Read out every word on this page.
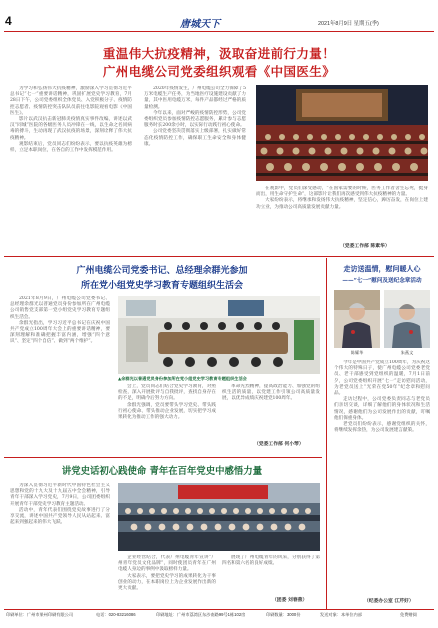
4	唐城天下	2021年8月9日 星期五(季)
重温伟大抗疫精神，汲取奋进前行力量！
广州电缆公司党委组织观看《中国医生》

为学习和弘扬伟大抗疫精神，激励深入学习贯彻习近平总书记“七一”重要讲话精神，巩固扩展党史学习教育，7月28日下午，公司党委组织全体党员、入党积极分子、疫情防控志愿者、疫情防控突击队队员前往电影院观看电影《中国医生》。

影片以武汉抗击新冠肺炎疫情真实事件改编，讲述以武汉“同城”医院的各级医务人员冲锋在一线，以生命之名同病毒的搏斗，生动再现了武汉抗疫的场景，深刻诠释了伟大抗疫精神。

观影结束后，党员同志们纷纷表示，要以抗疫英雄为榜样，立足本职岗位，在各自的工作中发挥模范作用。

2020年疫情发生，广州电缆公司全力保障了5万米电缆生产任务，为当地医疗设施建设贡献了力量，其中医用电缆万米，每件产品都经过严格的质量检测。

今年以来，面对严峻的疫情防控形势，公司党委组织党员参加疫情防控志愿服务，累计参与志愿服务时长200余小时，以实际行动践行初心使命。

公司党委坚决贯彻落实上级部署，扎实做好常态化疫情防控工作，确保职工生命安全和身体健康。

在观影中，党员们深受感动，“在国家需要的时候，医务工作者舍生忘死，挺身而出，用生命守护生命”，这部影片让我们再次感受到伟大抗疫精神的力量。

大家纷纷表示，将继承和发扬伟大抗疫精神，坚定信心，踔厉奋发，在岗位上建功立业，为推动公司高质量发展贡献力量。

（党委工作部 陈素华）
广州电缆公司党委书记、总经理余群光参加
所在党小组党史学习教育专题组织生活会

2021年8月9日，广州电缆公司党委书记、总经理余群光以普通党员身份参加所在广州电缆公司销售党支部第一党小组党史学习教育专题组织生活会。

余群光指出，学习习近平总书记在庆祝中国共产党成立100周年大会上的重要讲话精神，要深刻理解和准确把握丰富内涵，增强“四个意识”、坚定“四个自信”、做到“两个维护”。

▲余群光以普通党员身份参加所在党小组党史学习教育专题组织生活会

会上，党员同志们结合党史学习教育，对照检查，深入开展批评与自我批评，查找自身存在的不足，明确今后努力方向。

余群光强调，党员要带头学习党史、带头践行初心使命、带头推动企业发展，切实把学习成果转化为推动工作的强大动力。

革命先烈精神，提高政治能力、加强党的组织生活的质量，以党建工作引领公司高质量发展，以优异成绩庆祝建党100周年。

（党委工作部 何小琴）
讲党史话初心践使命 青年在百年党史中感悟力量

为深入贯彻习近平新时代中国特色社会主义思想和党的十九大及十九届五中全会精神，引导青年干部深入学习党史，7月9日，公司团委组织开展青年干部党史学习教育主题活动。

活动中，青年代表们围绕党史故事进行了分享交流，讲述中国共产党领导人民从站起来、富起来到强起来的伟大飞跃。

企业经营结合，代表广州电缆青年宣讲“广州青年党员文化品牌”，同时使团员青年在广州电缆人身边的事例中汲取榜样力量。

大家表示，要把党史学习的成果转化为干事创业的动力，在本职岗位上为企业发展作出新的更大贡献。

展现了广州电缆青年的风采，分别获得了第四名和第六名的良好成绩。

（团委 刘春燕）
走访送温情，慰问暖人心
——“七一”慰问及送纪念章活动
陈耀华	朱燕文

今年是中国共产党成立100周年，为庆祝这个伟大的特殊日子，使广州电缆公司党委老党员、老干部感受到党组织的温暖，7月1日前夕，公司党委组织开展“七一”走访慰问活动，为老党员送上“光荣在党50年”纪念章和慰问品。

走访过程中，公司党委负责同志与老党员们亲切交谈，详细了解他们的身体状况和生活情况，感谢他们为公司发展作出的贡献，叮嘱他们保重身体。

老党员们纷纷表示，感谢党组织的关怀，将继续发挥余热，为公司发展建言献策。

（纪委办公室 江芹好）
印刷单位：广州市果州印刷有限公司	电话：020-83216086	印刷地址：广州市荔湾区东沙南路99号1栋102房	印刷数量：3000份	发送对象：本单位内部	免费赠阅
